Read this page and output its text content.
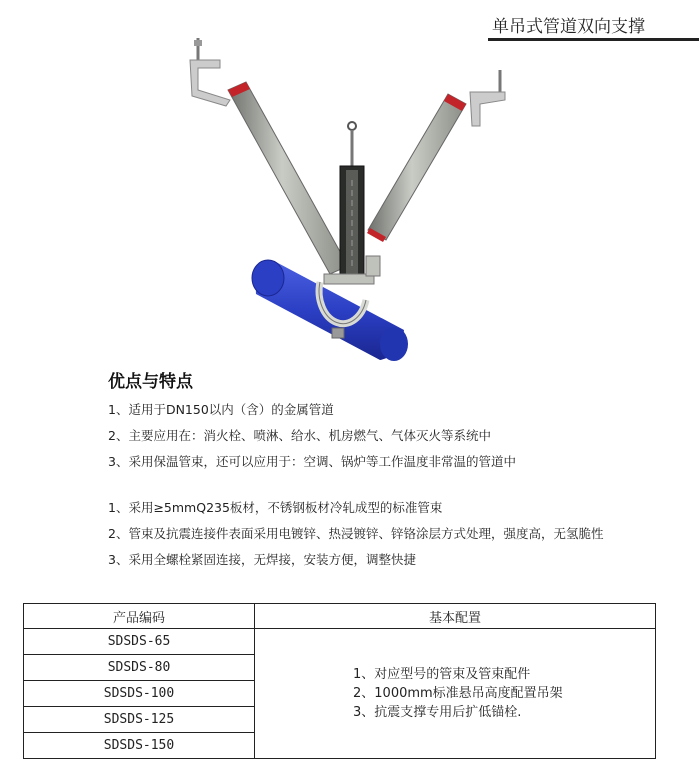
单吊式管道双向支撑
优点与特点
1、适用于DN150以内（含）的金属管道
2、主要应用在：消火栓、喷淋、给水、机房燃气、气体灭火等系统中
3、采用保温管束，还可以应用于：空调、锅炉等工作温度非常温的管道中
1、采用≥5mmQ235板材，不锈钢板材冷轧成型的标准管束
2、管束及抗震连接件表面采用电镀锌、热浸镀锌、锌铬涂层方式处理，强度高，无氢脆性
3、采用全螺栓紧固连接，无焊接，安装方便，调整快捷
产品编码	基本配置
SDSDS-65	1、对应型号的管束及管束配件
2、1000mm标准悬吊高度配置吊架
3、抗震支撑专用后扩低锚栓.

SDSDS-80	
SDSDS-100	
SDSDS-125	
SDSDS-150	
